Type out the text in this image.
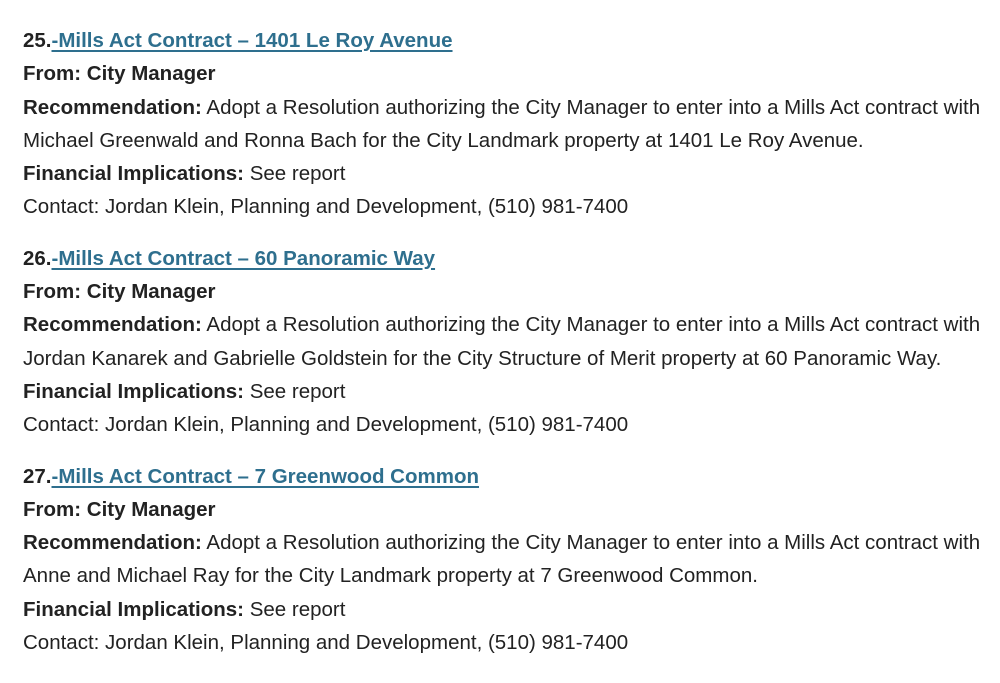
25.-Mills Act Contract – 1401 Le Roy Avenue
From: City Manager
Recommendation: Adopt a Resolution authorizing the City Manager to enter into a Mills Act contract with Michael Greenwald and Ronna Bach for the City Landmark property at 1401 Le Roy Avenue.
Financial Implications: See report
Contact: Jordan Klein, Planning and Development, (510) 981-7400
26.-Mills Act Contract – 60 Panoramic Way
From: City Manager
Recommendation: Adopt a Resolution authorizing the City Manager to enter into a Mills Act contract with Jordan Kanarek and Gabrielle Goldstein for the City Structure of Merit property at 60 Panoramic Way.
Financial Implications: See report
Contact: Jordan Klein, Planning and Development, (510) 981-7400
27.-Mills Act Contract – 7 Greenwood Common
From: City Manager
Recommendation: Adopt a Resolution authorizing the City Manager to enter into a Mills Act contract with Anne and Michael Ray for the City Landmark property at 7 Greenwood Common.
Financial Implications: See report
Contact: Jordan Klein, Planning and Development, (510) 981-7400
